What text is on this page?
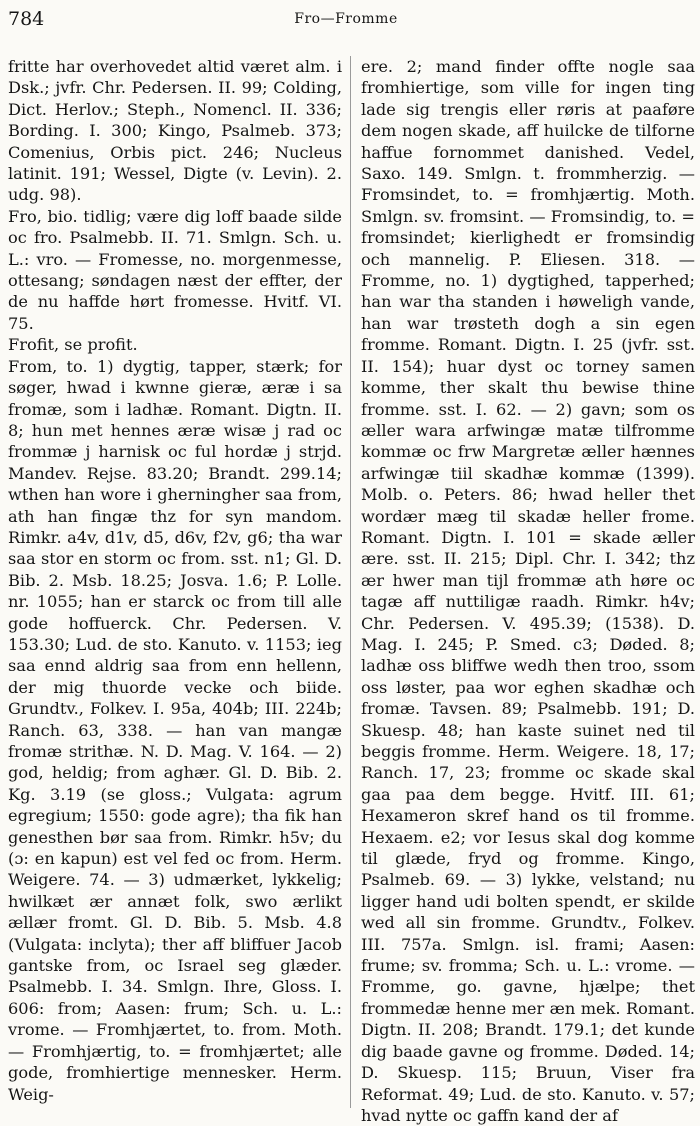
784	Fro—Fromme

fritte har overhovedet altid været alm. i Dsk.; jvfr. Chr. Pedersen. II. 99; Colding, Dict. Herlov.; Steph., Nomencl. II. 336; Bording. I. 300; Kingo, Psalmeb. 373; Comenius, Orbis pict. 246; Nucleus latinit. 191; Wessel, Digte (v. Levin). 2. udg. 98).

Fro, bio. tidlig; være dig loff baade silde oc fro. Psalmebb. II. 71. Smlgn. Sch. u. L.: vro. — Fromesse, no. morgenmesse, ottesang; søndagen næst der effter, der de nu haffde hørt fromesse. Hvitf. VI. 75.

Frofit, se profit.

From, to. 1) dygtig, tapper, stærk; for søger, hwad i kwnne gieræ, æræ i sa fromæ, som i ladhæ. Romant. Digtn. II. 8; hun met hennes æræ wisæ j rad oc frommæ j harnisk oc ful hordæ j strjd. Mandev. Rejse. 83.20; Brandt. 299.14; wthen han wore i gherningher saa from, ath han fingæ thz for syn mandom. Rimkr. a4v, d1v, d5, d6v, f2v, g6; tha war saa stor en storm oc from. sst. n1; Gl. D. Bib. 2. Msb. 18.25; Josva. 1.6; P. Lolle. nr. 1055; han er starck oc from till alle gode hoffuerck. Chr. Pedersen. V. 153.30; Lud. de sto. Kanuto. v. 1153; ieg saa ennd aldrig saa from enn hellenn, der mig thuorde vecke och biide. Grundtv., Folkev. I. 95a, 404b; III. 224b; Ranch. 63, 338. — han van mangæ fromæ strithæ. N. D. Mag. V. 164. — 2) god, heldig; from aghær. Gl. D. Bib. 2. Kg. 3.19 (se gloss.; Vulgata: agrum egregium; 1550: gode agre); tha fik han genesthen bør saa from. Rimkr. h5v; du (ɔ: en kapun) est vel fed oc from. Herm. Weigere. 74. — 3) udmærket, lykkelig; hwilkæt ær annæt folk, swo ærlikt ællær fromt. Gl. D. Bib. 5. Msb. 4.8 (Vulgata: inclyta); ther aff bliffuer Jacob gantske from, oc Israel seg glæder. Psalmebb. I. 34. Smlgn. Ihre, Gloss. I. 606: from; Aasen: frum; Sch. u. L.: vrome. — Fromhjærtet, to. from. Moth. — Fromhjærtig, to. = fromhjærtet; alle gode, fromhiertige mennesker. Herm. Weig-

ere. 2; mand finder offte nogle saa fromhiertige, som ville for ingen ting lade sig trengis eller røris at paaføre dem nogen skade, aff huilcke de tilforne haffue fornommet danished. Vedel, Saxo. 149. Smlgn. t. frommherzig. — Fromsindet, to. = fromhjærtig. Moth. Smlgn. sv. fromsint. — Fromsindig, to. = fromsindet; kierlighedt er fromsindig och mannelig. P. Eliesen. 318. — Fromme, no. 1) dygtighed, tapperhed; han war tha standen i høweligh vande, han war trøsteth dogh a sin egen fromme. Romant. Digtn. I. 25 (jvfr. sst. II. 154); huar dyst oc torney samen komme, ther skalt thu bewise thine fromme. sst. I. 62. — 2) gavn; som os æller wara arfwingæ matæ tilfromme kommæ oc frw Margretæ æller hænnes arfwingæ tiil skadhæ kommæ (1399). Molb. o. Peters. 86; hwad heller thet wordær mæg til skadæ heller frome. Romant. Digtn. I. 101 = skade æller ære. sst. II. 215; Dipl. Chr. I. 342; thz ær hwer man tijl frommæ ath høre oc tagæ aff nuttiligæ raadh. Rimkr. h4v; Chr. Pedersen. V. 495.39; (1538). D. Mag. I. 245; P. Smed. c3; Døded. 8; ladhæ oss bliffwe wedh then troo, ssom oss løster, paa wor eghen skadhæ och fromæ. Tavsen. 89; Psalmebb. 191; D. Skuesp. 48; han kaste suinet ned til beggis fromme. Herm. Weigere. 18, 17; Ranch. 17, 23; fromme oc skade skal gaa paa dem begge. Hvitf. III. 61; Hexameron skref hand os til fromme. Hexaem. e2; vor Iesus skal dog komme til glæde, fryd og fromme. Kingo, Psalmeb. 69. — 3) lykke, velstand; nu ligger hand udi bolten spendt, er skilde wed all sin fromme. Grundtv., Folkev. III. 757a. Smlgn. isl. frami; Aasen: frume; sv. fromma; Sch. u. L.: vrome. — Fromme, go. gavne, hjælpe; thet frommedæ henne mer æn mek. Romant. Digtn. II. 208; Brandt. 179.1; det kunde dig baade gavne og fromme. Døded. 14; D. Skuesp. 115; Bruun, Viser fra Reformat. 49; Lud. de sto. Kanuto. v. 57; hvad nytte oc gaffn kand der af
